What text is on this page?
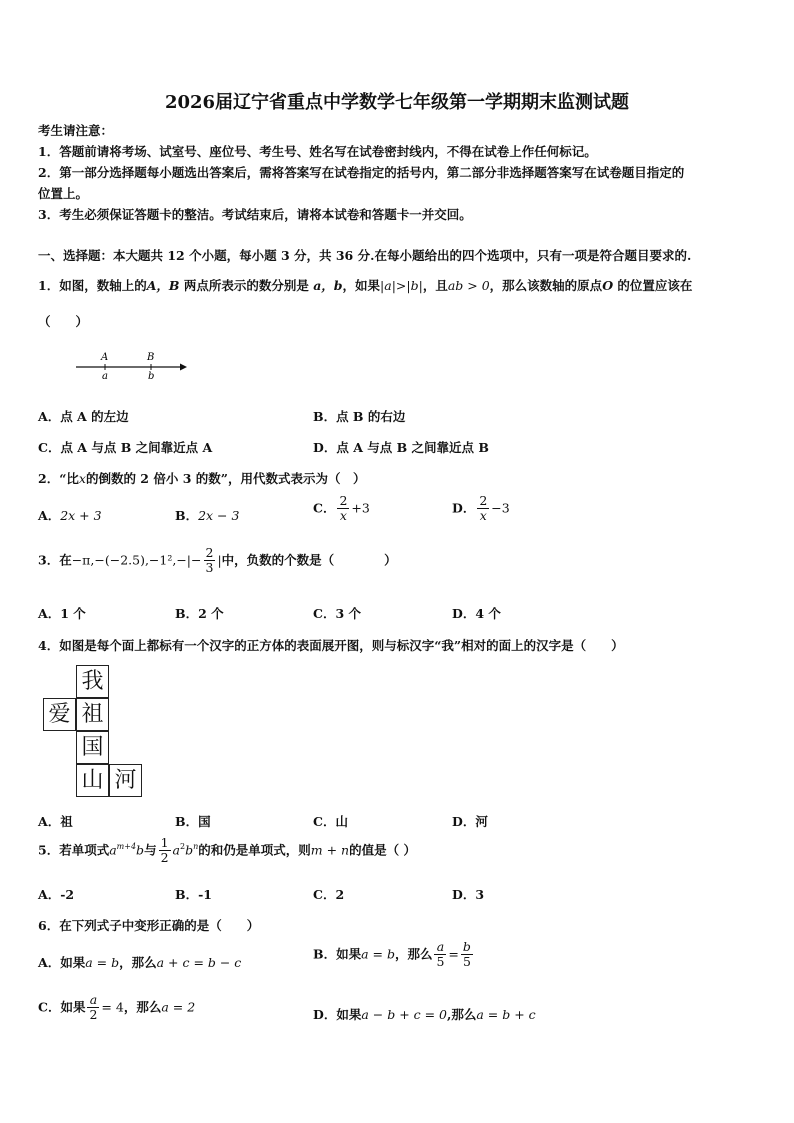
2026届辽宁省重点中学数学七年级第一学期期末监测试题
考生请注意：
1．答题前请将考场、试室号、座位号、考生号、姓名写在试卷密封线内，不得在试卷上作任何标记。
2．第一部分选择题每小题选出答案后，需将答案写在试卷指定的括号内，第二部分非选择题答案写在试卷题目指定的
位置上。
3．考生必须保证答题卡的整洁。考试结束后，请将本试卷和答题卡一并交回。
一、选择题：本大题共 12 个小题，每小题 3 分，共 36 分.在每小题给出的四个选项中，只有一项是符合题目要求的.
1．如图，数轴上的A，B 两点所表示的数分别是 a，b，如果|a|>|b|，且ab > 0，那么该数轴的原点O 的位置应该在
（　　）
A
a
B
b
A．点 A 的左边	B．点 B 的右边
C．点 A 与点 B 之间靠近点 A	D．点 A 与点 B 之间靠近点 B
2．“比x的倒数的 2 倍小 3 的数”，用代数式表示为（　）
A．2x + 3	B．2x − 3
C． $\frac{2}{x} +3$	D． $\frac{2}{x} -3$
3．在$-\pi,-(-2.5),-1^2,-|- \frac{2}{3}$ |中，负数的个数是（　　　　）
A．1 个	B．2 个	C．3 个	D．4 个
4．如图是每个面上都标有一个汉字的正方体的表面展开图，则与标汉字“我”相对的面上的汉字是（　　）
我
爱 祖
国
山 河
A．祖	B．国	C．山	D．河
5．若单项式$a^{m+4}b$与 $\frac{1}{2} a^2b^n$的和仍是单项式，则m + n的值是（ ）
A．-2	B．-1	C．2	D．3
6．在下列式子中变形正确的是（　　）
A．如果a = b，那么a + c = b − c
B．如果a = b，那么 $\frac{a}{5} = \frac{b}{5}$
C．如果 $\frac{a}{2} = 4$，那么a = 2
D．如果a − b + c = 0,那么a = b + c
